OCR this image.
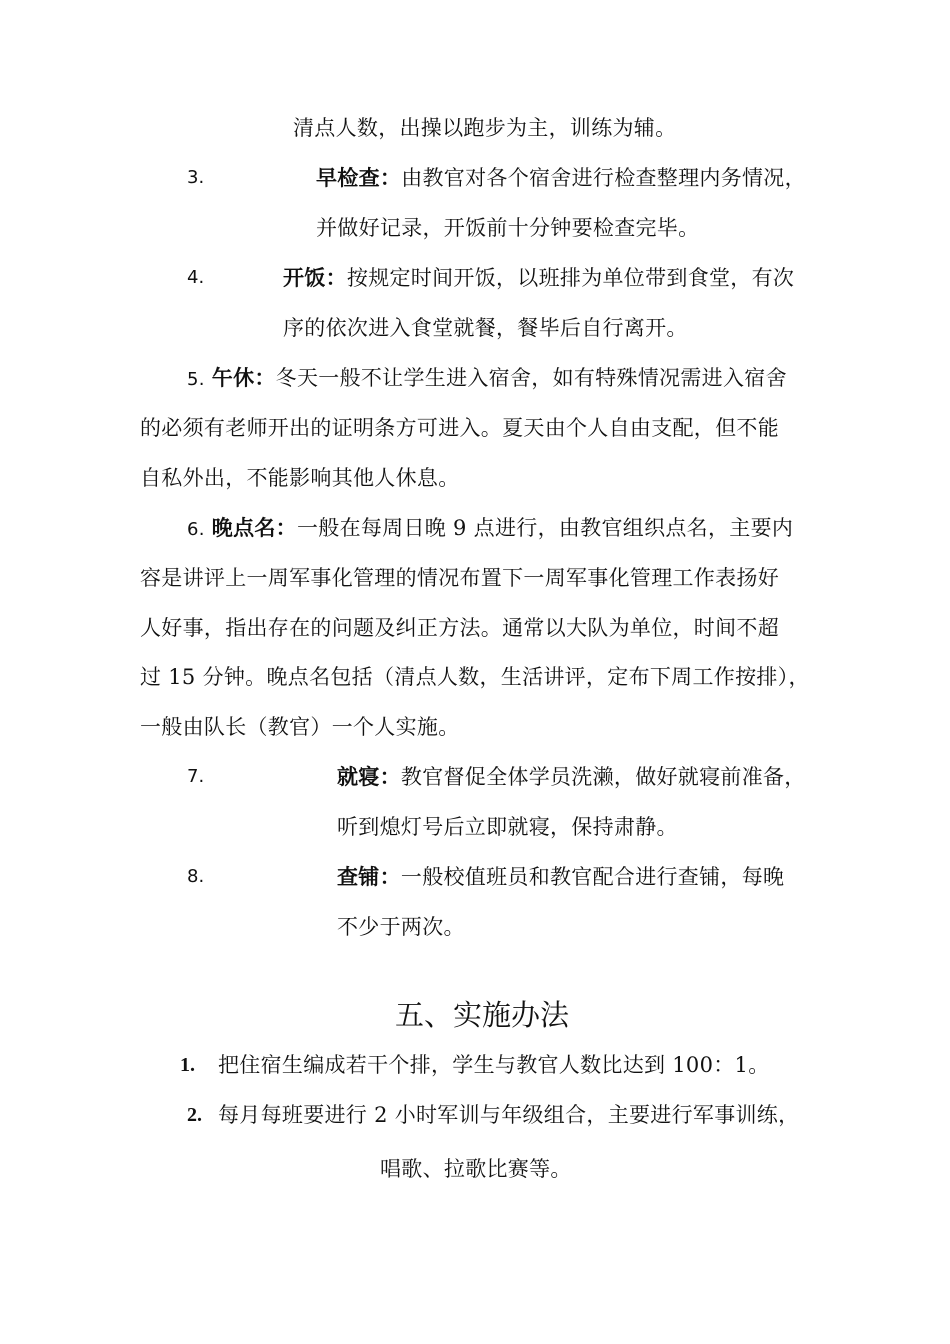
清点人数，出操以跑步为主，训练为辅。
3.	早检查：由教官对各个宿舍进行检查整理内务情况，
并做好记录，开饭前十分钟要检查完毕。
4.	开饭：按规定时间开饭，以班排为单位带到食堂，有次
序的依次进入食堂就餐，餐毕后自行离开。
5. 午休：冬天一般不让学生进入宿舍，如有特殊情况需进入宿舍
的必须有老师开出的证明条方可进入。夏天由个人自由支配，但不能
自私外出，不能影响其他人休息。
6. 晚点名：一般在每周日晚 9 点进行，由教官组织点名，主要内
容是讲评上一周军事化管理的情况布置下一周军事化管理工作表扬好
人好事，指出存在的问题及纠正方法。通常以大队为单位，时间不超
过 15 分钟。晚点名包括（清点人数，生活讲评，定布下周工作按排），
一般由队长（教官）一个人实施。
7.	就寝：教官督促全体学员洗濑，做好就寝前准备，
听到熄灯号后立即就寝，保持肃静。
8.	查铺：一般校值班员和教官配合进行查铺，每晚
不少于两次。
五、实施办法
1. 把住宿生编成若干个排，学生与教官人数比达到 100：1。
2. 每月每班要进行 2 小时军训与年级组合，主要进行军事训练，
唱歌、拉歌比赛等。
